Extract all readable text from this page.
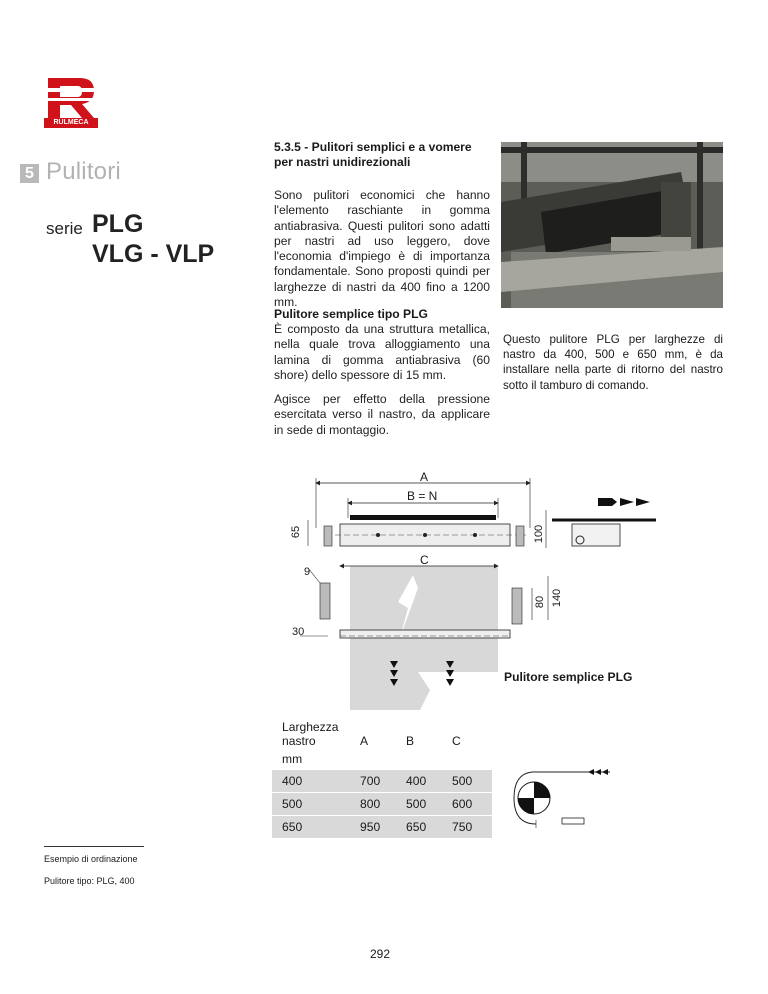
RULMECA
5 Pulitori
serie PLG
VLG - VLP
5.3.5 - Pulitori semplici e a vomere per nastri unidirezionali
Sono pulitori economici che hanno l'elemento raschiante in gomma antiabrasiva. Questi pulitori sono adatti per nastri ad uso leggero, dove l'economia d'impiego è di importanza fondamentale. Sono proposti quindi per larghezze di nastri da 400 fino a 1200 mm.
Pulitore semplice tipo PLG
È composto da una struttura metallica, nella quale trova alloggiamento una lamina di gomma antiabrasiva (60 shore) dello spessore di 15 mm.
Agisce per effetto della pressione esercitata verso il nastro, da applicare in sede di montaggio.
Questo pulitore PLG per larghezze di nastro da 400, 500 e 650 mm, è da installare nella parte di ritorno del nastro sotto il tamburo di comando.
A
B = N
C
65	100
9
80 140
30
Pulitore semplice PLG
Larghezza nastro	A	B	C
mm			
400	700	400	500
500	800	500	600
650	950	650	750
Esempio di ordinazione
Pulitore tipo: PLG, 400
292
